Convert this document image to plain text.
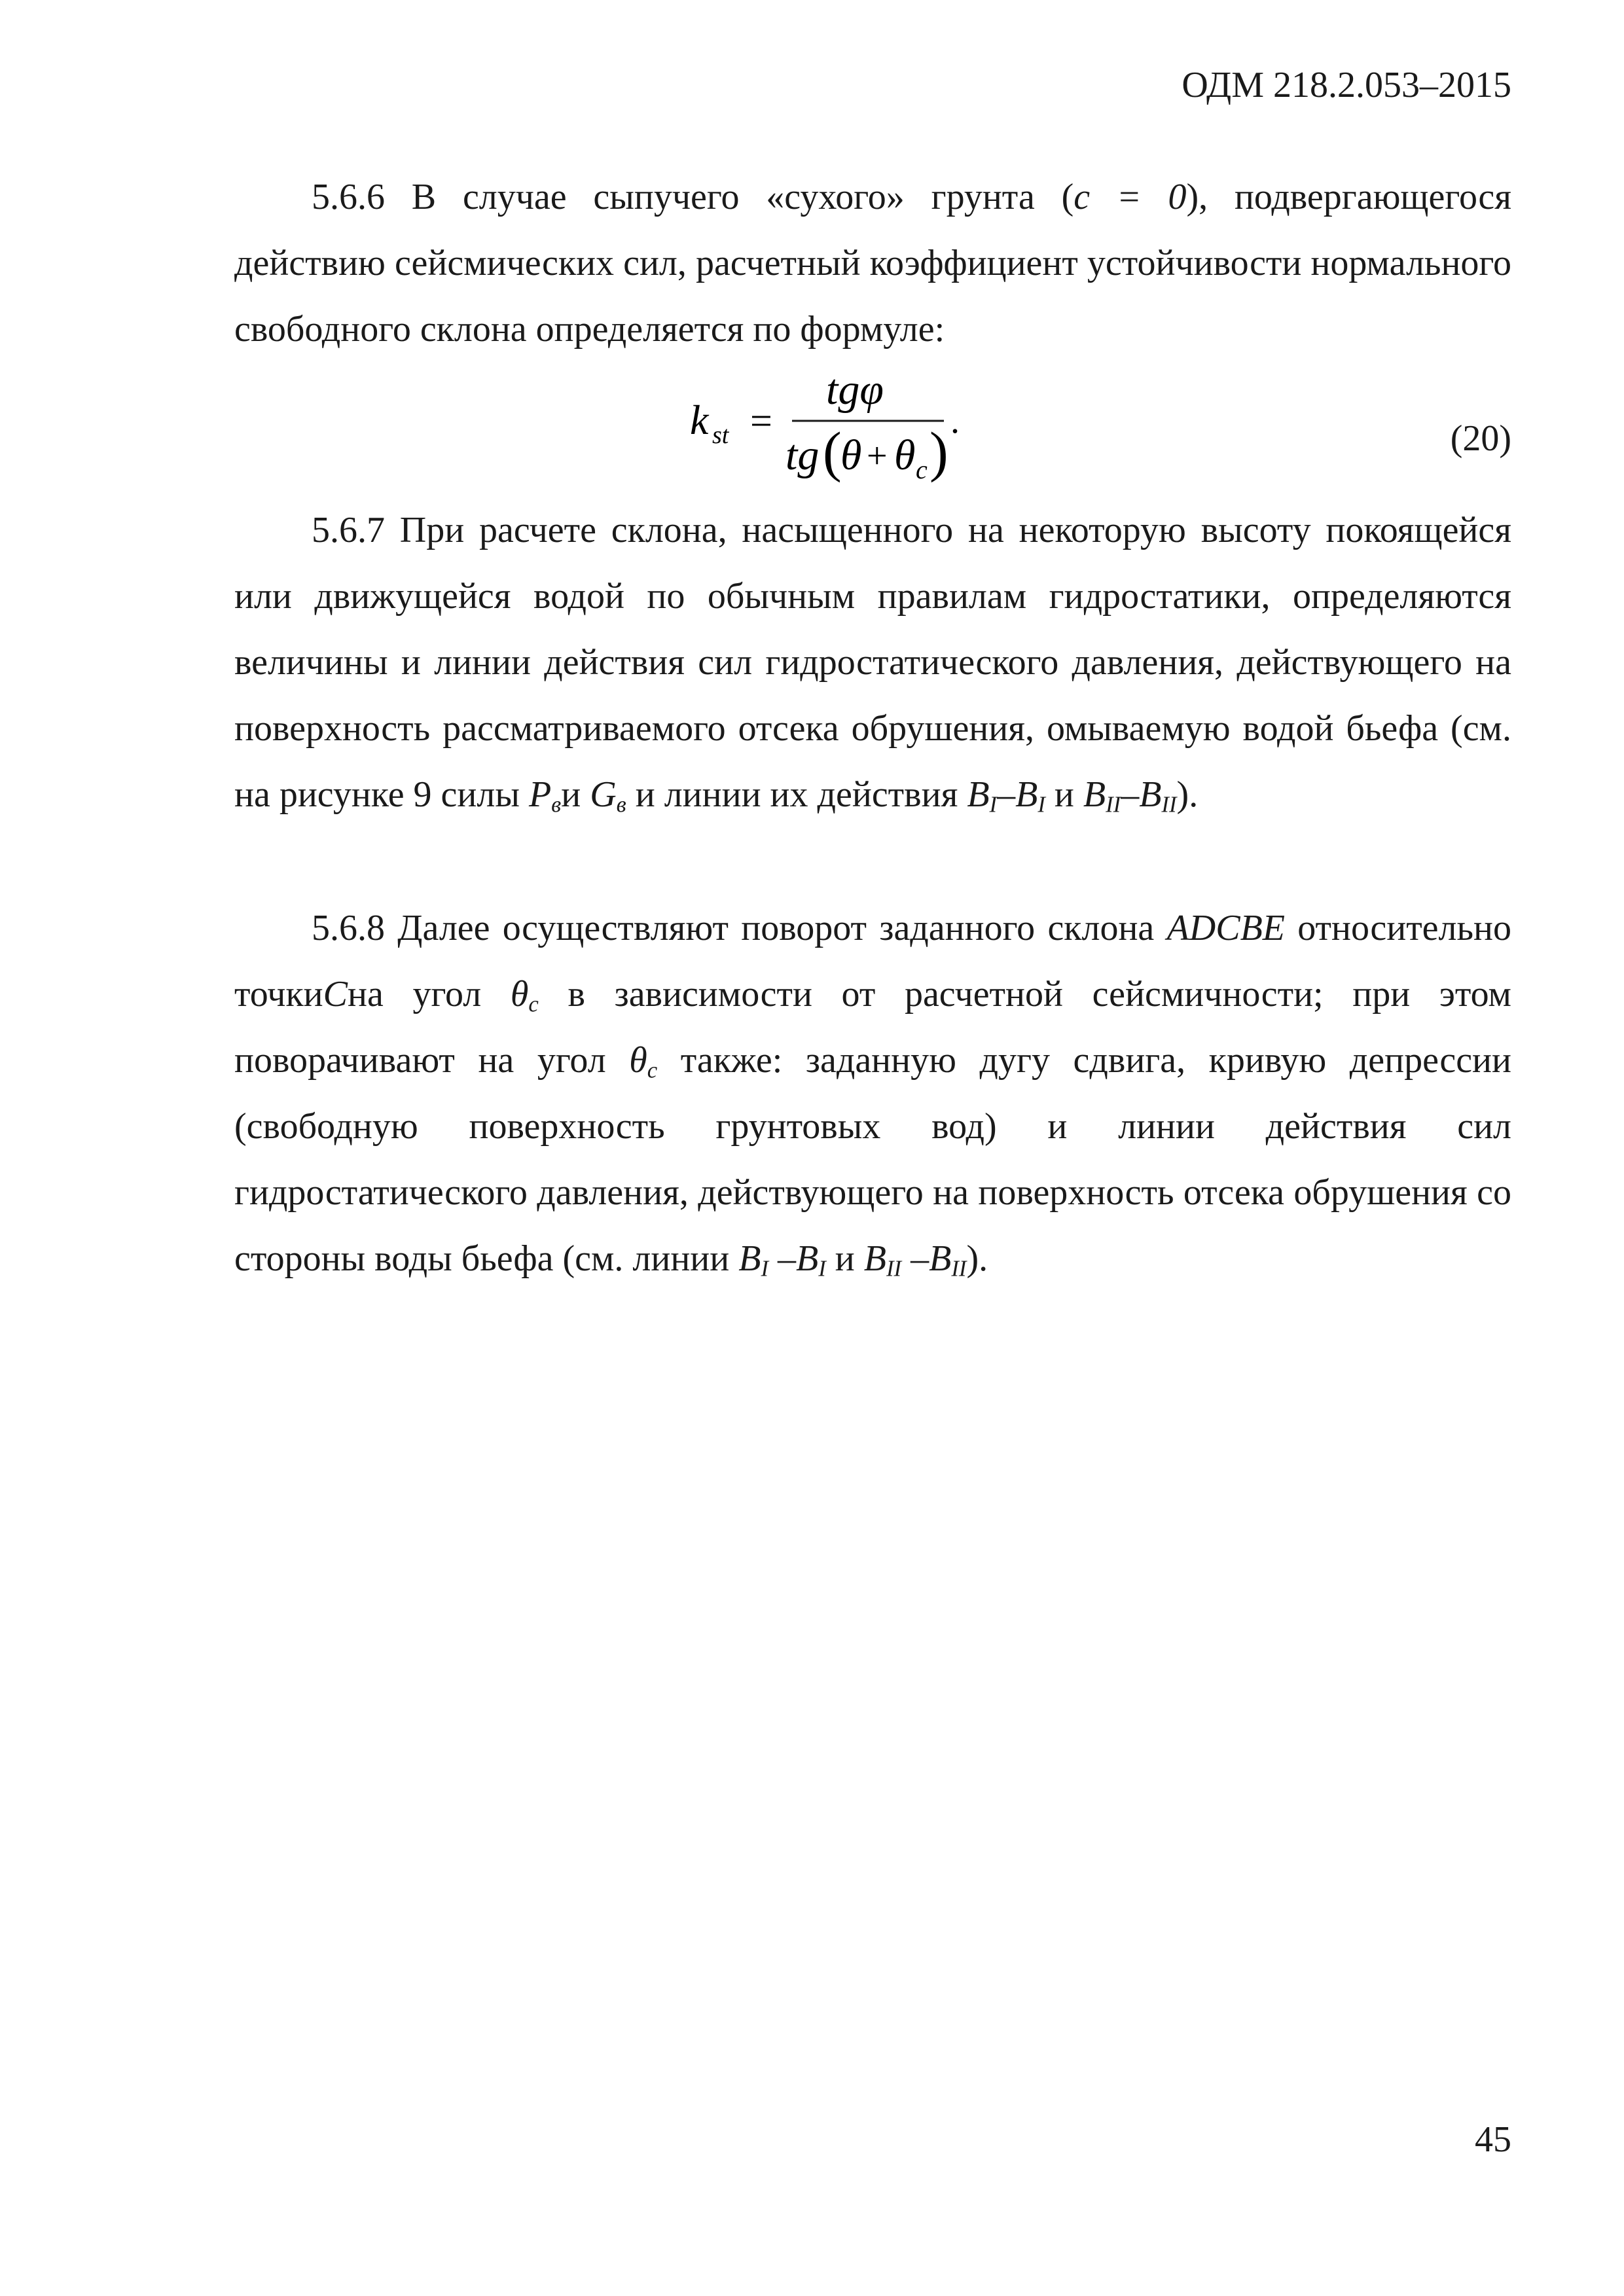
ОДМ 218.2.053–2015

5.6.6 В случае сыпучего «сухого» грунта (c = 0), подвергающегося действию сейсмических сил, расчетный коэффициент устойчивости нормального свободного склона определяется по формуле:

k st =
tgφ
tg (
θ + θ c ) .	(20)

5.6.7 При расчете склона, насыщенного на некоторую высоту покоящейся или движущейся водой по обычным правилам гидростатики, определяются величины и линии действия сил гидростатического давления, действующего на поверхность рассматриваемого отсека обрушения, омываемую водой бьефа (см. на рисунке 9 силы $P_ви$ $G_в$ и линии их действия $B_I-B_I$ и $B_{II}-B_{II}$).

5.6.8 Далее осуществляют поворот заданного склона ADCBE относительно точкиCна угол $\theta_c$ в зависимости от расчетной сейсмичности; при этом поворачивают на угол $\theta_c$ также: заданную дугу сдвига, кривую депрессии (свободную поверхность грунтовых вод) и линии действия сил гидростатического давления, действующего на поверхность отсека обрушения со стороны воды бьефа (см. линии $B_I$ $-B_I$ и $B_{II}$ $-B_{II}$).

45
